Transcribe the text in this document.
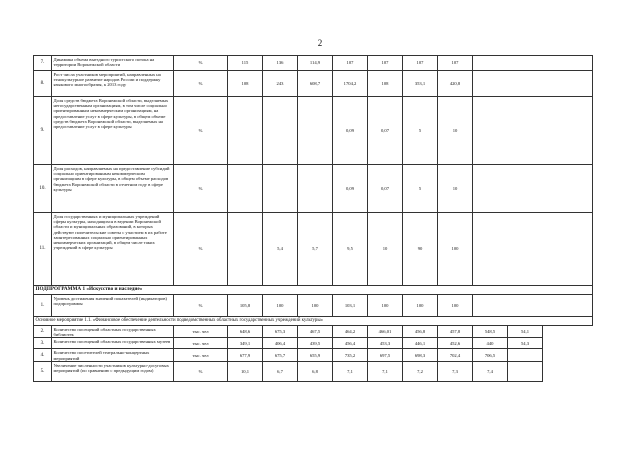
2
7.	Динамика объема выездного туристского потока на территории Воронежской области	%	115	136	114,9	107	107	107	107			
8.	Рост числа участников мероприятий, направленных на этнокультурное развитие народов России и поддержку языкового многообразия, к 2013 году	%	108	243	608,7	1704,2	108	353,1	420,8			
9.	Доля средств бюджета Воронежской области, выделяемых негосударственным организациям, в том числе социально ориентированным некоммерческим организациям, на предоставление услуг в сфере культуры, в общем объеме средств бюджета Воронежской области, выделяемых на предоставление услуг в сфере культуры	%				0,09	0,07	5	10			
10.	Доля расходов, направляемых на предоставление субсидий социально ориентированным некоммерческим организациям в сфере культуры, в общем объеме расходов бюджета Воронежской области в отчетном году в сфере культуры	%				0,09	0,07	5	10			
11.	Доля государственных и муниципальных учреждений сферы культуры, находящихся в ведении Воронежской области и муниципальных образований, в которых действуют попечительские советы с участием в их работе заинтересованных социально ориентированных некоммерческих организаций, в общем числе таких учреждений в сфере культуры	%		5,4	5,7	9,5	10	90	100			
ПОДПРОГРАММА 1 «Искусство и наследие»												
1.	Уровень достижения значений показателей (индикаторов) подпрограммы	%	105,8	100	100	103,1	100	100	100			
Основное мероприятие 1.1. «Финансовое обеспечение деятельности подведомственных областных государственных учреждений культуры»												
2.	Количество посещений областных государственных библиотек	тыс. чел	648,6	675,3	467,5	464,2	466,01	456,8	457,8	548,5	54,1	
3.	Количество посещений областных государственных музеев	тыс. чел	349,1	406,4	439,5	456,4	453,3	446,1	452,6	440	54,3	
4.	Количество посетителей театрально-концертных мероприятий	тыс. чел	677,9	675,7	655,9	735,2	697,5	698,3	702,4	706,5		
5.	Увеличение численности участников культурно-досуговых мероприятий (по сравнению с предыдущим годом)	%	10,1	6,7	6,8	7,1	7,1	7,2	7,3	7,4		
